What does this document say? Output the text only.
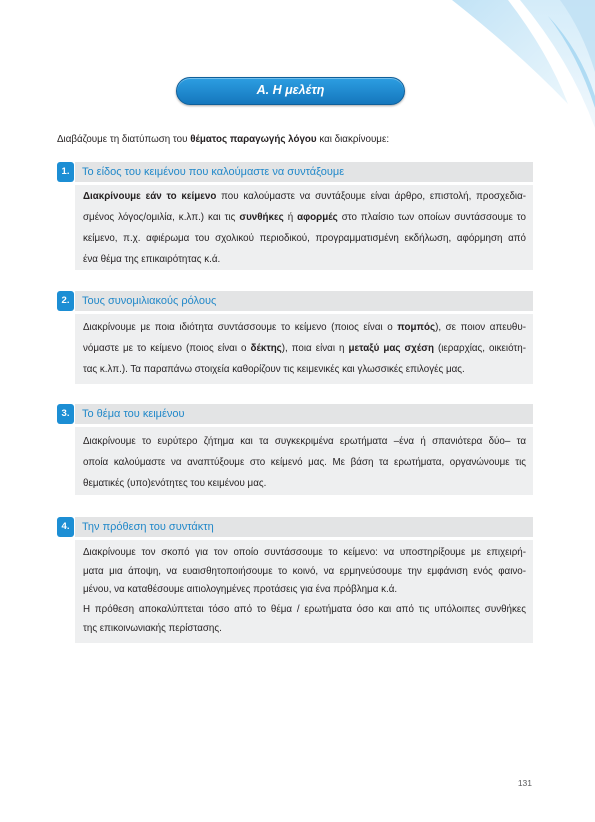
Α. Η μελέτη
Διαβάζουμε τη διατύπωση του θέματος παραγωγής λόγου και διακρίνουμε:
1.	Το είδος του κειμένου που καλούμαστε να συντάξουμε
Διακρίνουμε εάν το κείμενο που καλούμαστε να συντάξουμε είναι άρθρο, επιστολή, προσχεδια-
σμένος λόγος/ομιλία, κ.λπ.) και τις συνθήκες ή αφορμές στο πλαίσιο των οποίων συντάσσουμε το
κείμενο, π.χ. αφιέρωμα του σχολικού περιοδικού, προγραμματισμένη εκδήλωση, αφόρμηση από
ένα θέμα της επικαιρότητας κ.ά.
2.	Τους συνομιλιακούς ρόλους
Διακρίνουμε με ποια ιδιότητα συντάσσουμε το κείμενο (ποιος είναι ο πομπός), σε ποιον απευθυ-
νόμαστε με το κείμενο (ποιος είναι ο δέκτης), ποια είναι η μεταξύ μας σχέση (ιεραρχίας, οικειότη-
τας κ.λπ.). Τα παραπάνω στοιχεία καθορίζουν τις κειμενικές και γλωσσικές επιλογές μας.
3.	Το θέμα του κειμένου
Διακρίνουμε το ευρύτερο ζήτημα και τα συγκεκριμένα ερωτήματα –ένα ή σπανιότερα δύο– τα
οποία καλούμαστε να αναπτύξουμε στο κείμενό μας. Με βάση τα ερωτήματα, οργανώνουμε τις
θεματικές (υπο)ενότητες του κειμένου μας.
4.	Την πρόθεση του συντάκτη
Διακρίνουμε τον σκοπό για τον οποίο συντάσσουμε το κείμενο: να υποστηρίξουμε με επιχειρή-
ματα μια άποψη, να ευαισθητοποιήσουμε το κοινό, να ερμηνεύσουμε την εμφάνιση ενός φαινο-
μένου, να καταθέσουμε αιτιολογημένες προτάσεις για ένα πρόβλημα κ.ά.
Η πρόθεση αποκαλύπτεται τόσο από το θέμα / ερωτήματα όσο και από τις υπόλοιπες συνθήκες
της επικοινωνιακής περίστασης.
131
